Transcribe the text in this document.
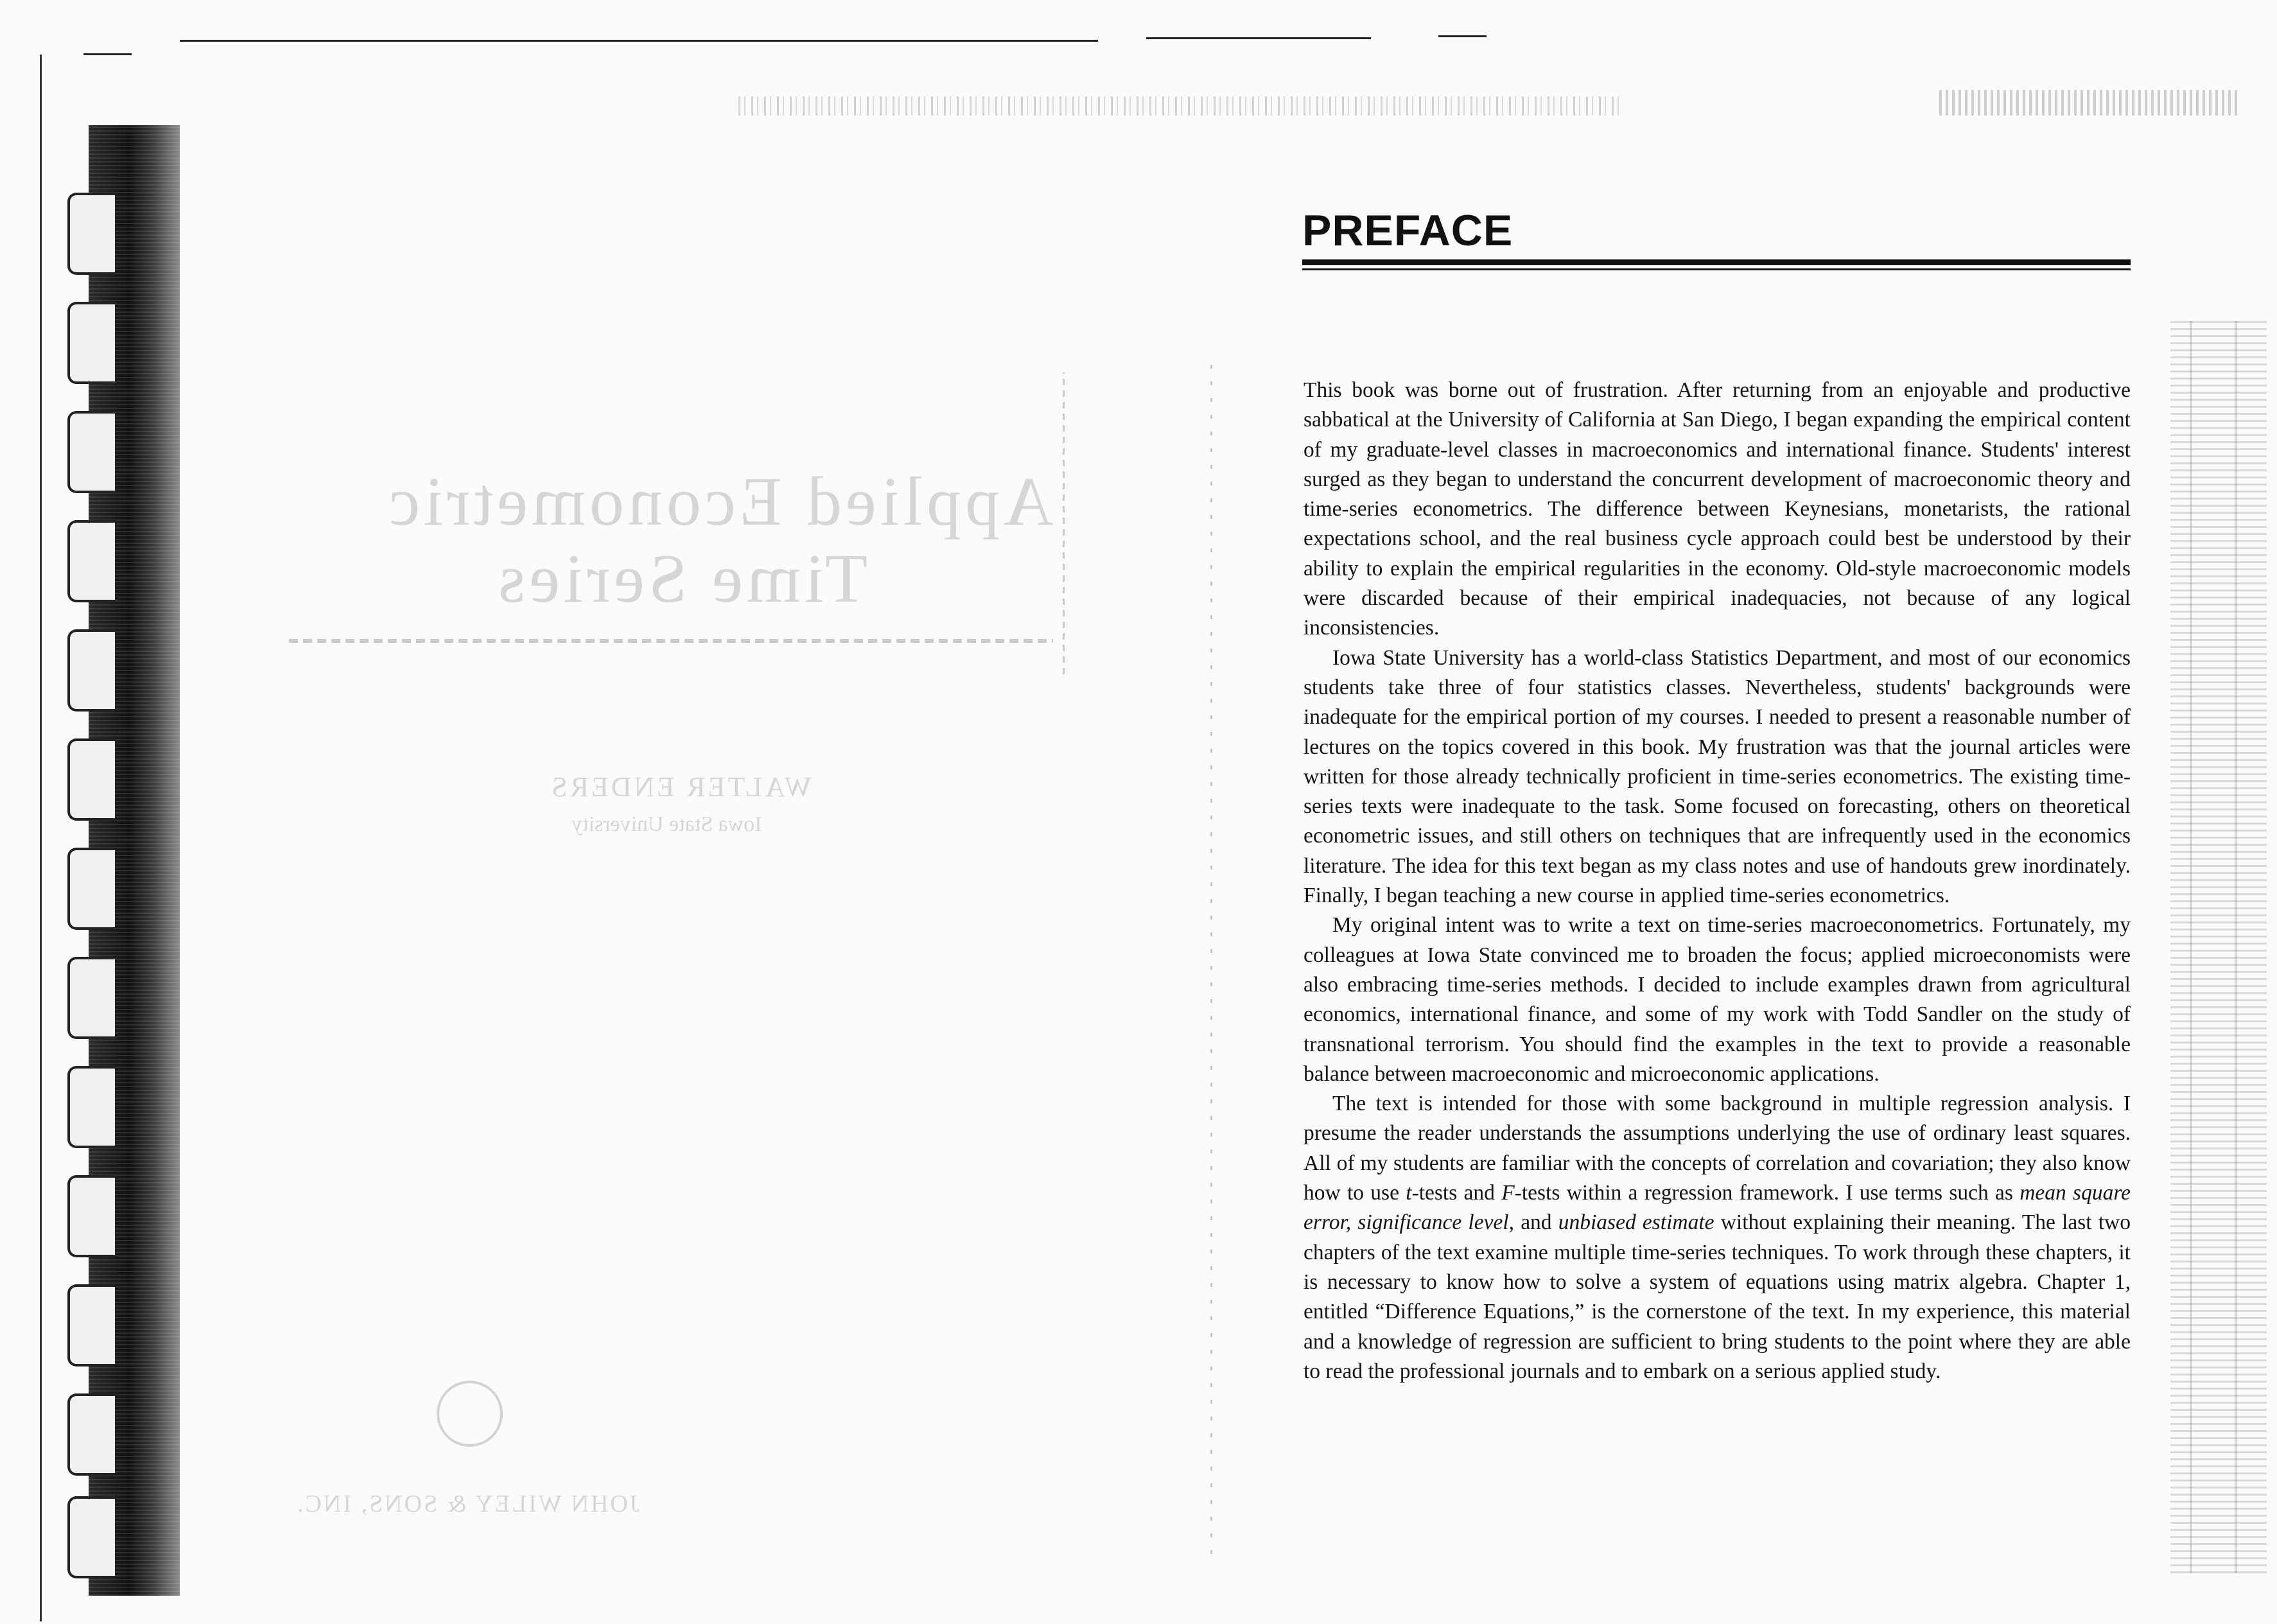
Applied Econometric
Time Series
WALTER ENDERS
Iowa State University
JOHN WILEY & SONS, INC.
PREFACE

This book was borne out of frustration. After returning from an enjoyable and productive sabbatical at the University of California at San Diego, I began expanding the empirical content of my graduate-level classes in macroeconomics and international finance. Students' interest surged as they began to understand the concurrent development of macroeconomic theory and time-series econometrics. The difference between Keynesians, monetarists, the rational expectations school, and the real business cycle approach could best be understood by their ability to explain the empirical regularities in the economy. Old-style macroeconomic models were discarded because of their empirical inadequacies, not because of any logical inconsistencies.

Iowa State University has a world-class Statistics Department, and most of our economics students take three of four statistics classes. Nevertheless, students' backgrounds were inadequate for the empirical portion of my courses. I needed to present a reasonable number of lectures on the topics covered in this book. My frustration was that the journal articles were written for those already technically proficient in time-series econometrics. The existing time-series texts were inadequate to the task. Some focused on forecasting, others on theoretical econometric issues, and still others on techniques that are infrequently used in the economics literature. The idea for this text began as my class notes and use of handouts grew inordinately. Finally, I began teaching a new course in applied time-series econometrics.

My original intent was to write a text on time-series macroeconometrics. Fortunately, my colleagues at Iowa State convinced me to broaden the focus; applied microeconomists were also embracing time-series methods. I decided to include examples drawn from agricultural economics, international finance, and some of my work with Todd Sandler on the study of transnational terrorism. You should find the examples in the text to provide a reasonable balance between macroeconomic and microeconomic applications.

The text is intended for those with some background in multiple regression analysis. I presume the reader understands the assumptions underlying the use of ordinary least squares. All of my students are familiar with the concepts of correlation and covariation; they also know how to use t-tests and F-tests within a regression framework. I use terms such as mean square error, significance level, and unbiased estimate without explaining their meaning. The last two chapters of the text examine multiple time-series techniques. To work through these chapters, it is necessary to know how to solve a system of equations using matrix algebra. Chapter 1, entitled “Difference Equations,” is the cornerstone of the text. In my experience, this material and a knowledge of regression are sufficient to bring students to the point where they are able to read the professional journals and to embark on a serious applied study.
